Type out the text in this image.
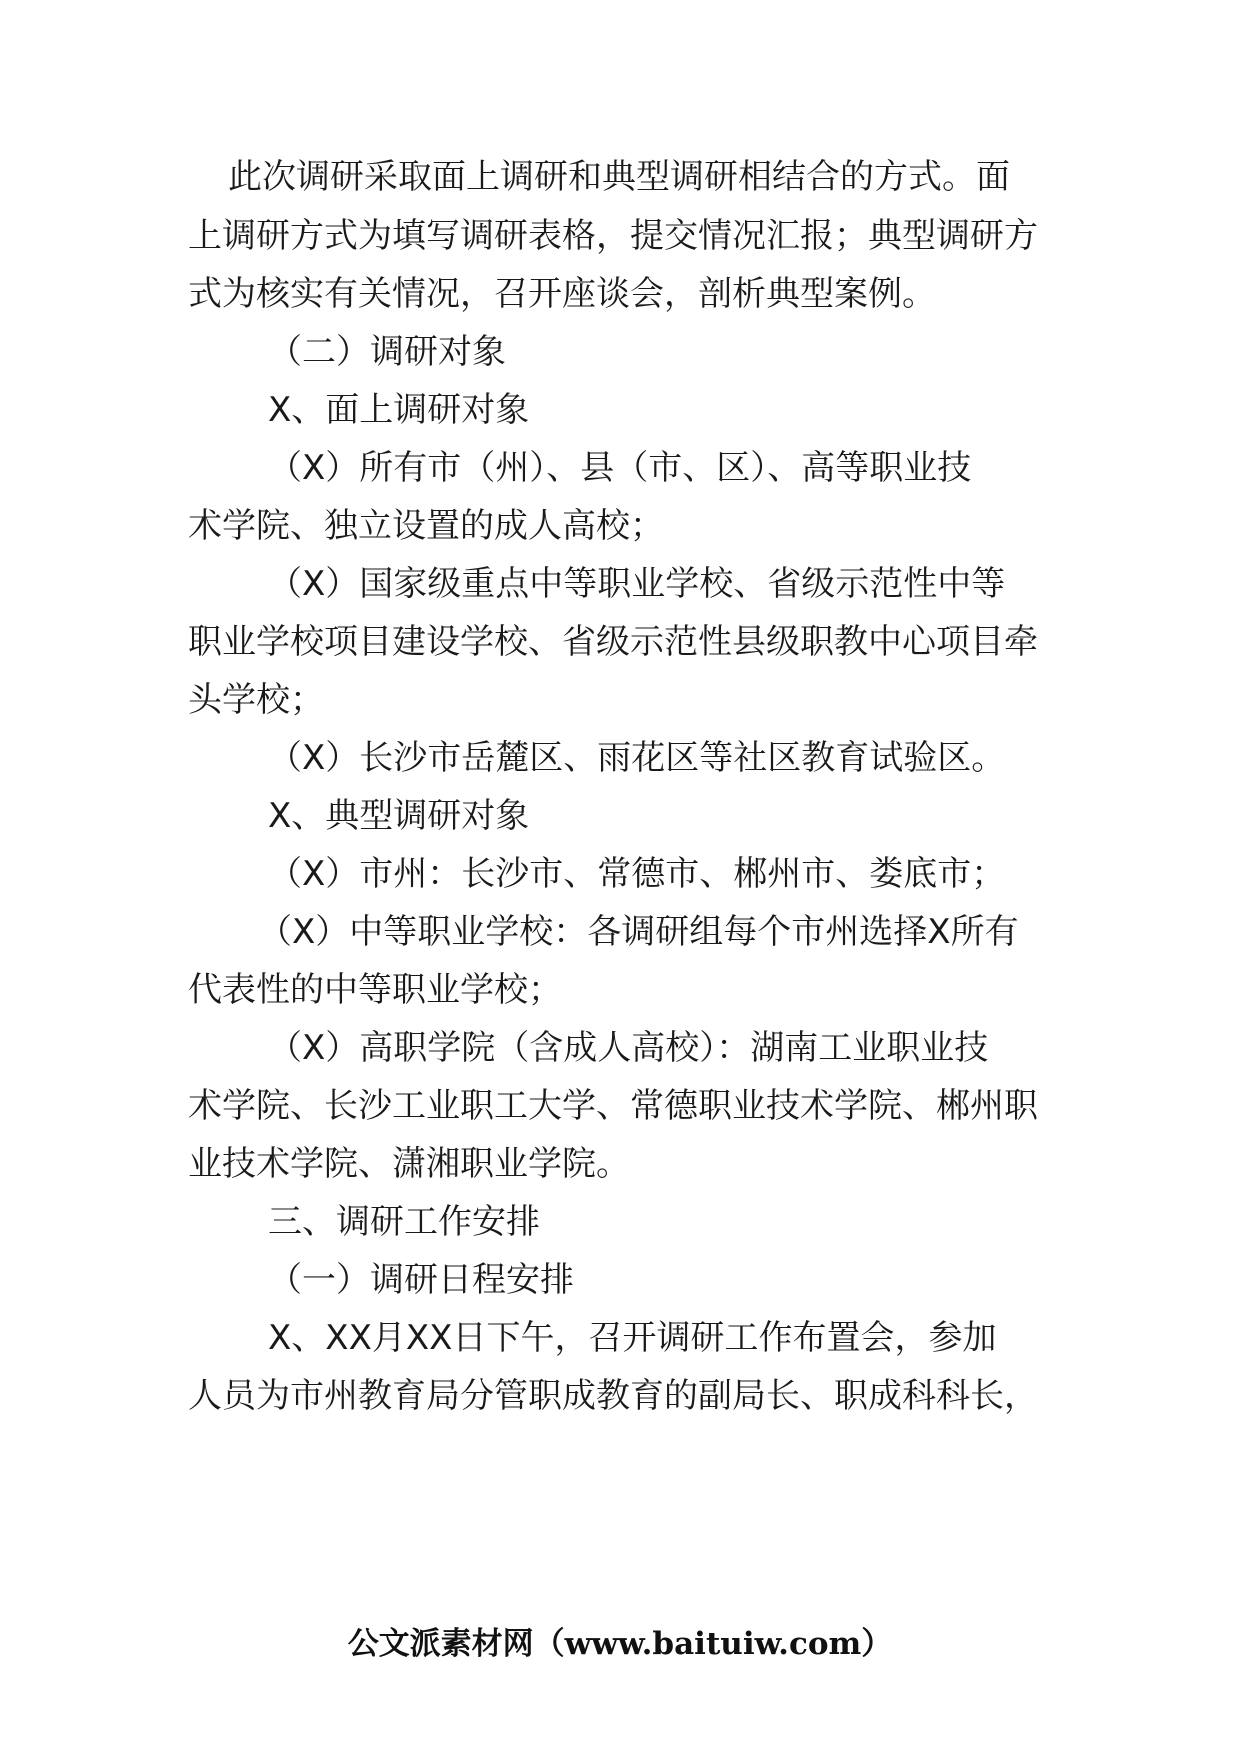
此次调研采取面上调研和典型调研相结合的方式。面

上调研方式为填写调研表格，提交情况汇报；典型调研方

式为核实有关情况，召开座谈会，剖析典型案例。

（二）调研对象

X、面上调研对象

（X）所有市（州）、县（市、区）、高等职业技

术学院、独立设置的成人高校；

（X）国家级重点中等职业学校、省级示范性中等

职业学校项目建设学校、省级示范性县级职教中心项目牵

头学校；

（X）长沙市岳麓区、雨花区等社区教育试验区。

X、典型调研对象

（X）市州：长沙市、常德市、郴州市、娄底市；

（X）中等职业学校：各调研组每个市州选择X所有

代表性的中等职业学校；

（X）高职学院（含成人高校）：湖南工业职业技

术学院、长沙工业职工大学、常德职业技术学院、郴州职

业技术学院、潇湘职业学院。

三、调研工作安排

（一）调研日程安排

X、XX月XX日下午，召开调研工作布置会，参加

人员为市州教育局分管职成教育的副局长、职成科科长，

公文派素材网（www.baituiw.com）
